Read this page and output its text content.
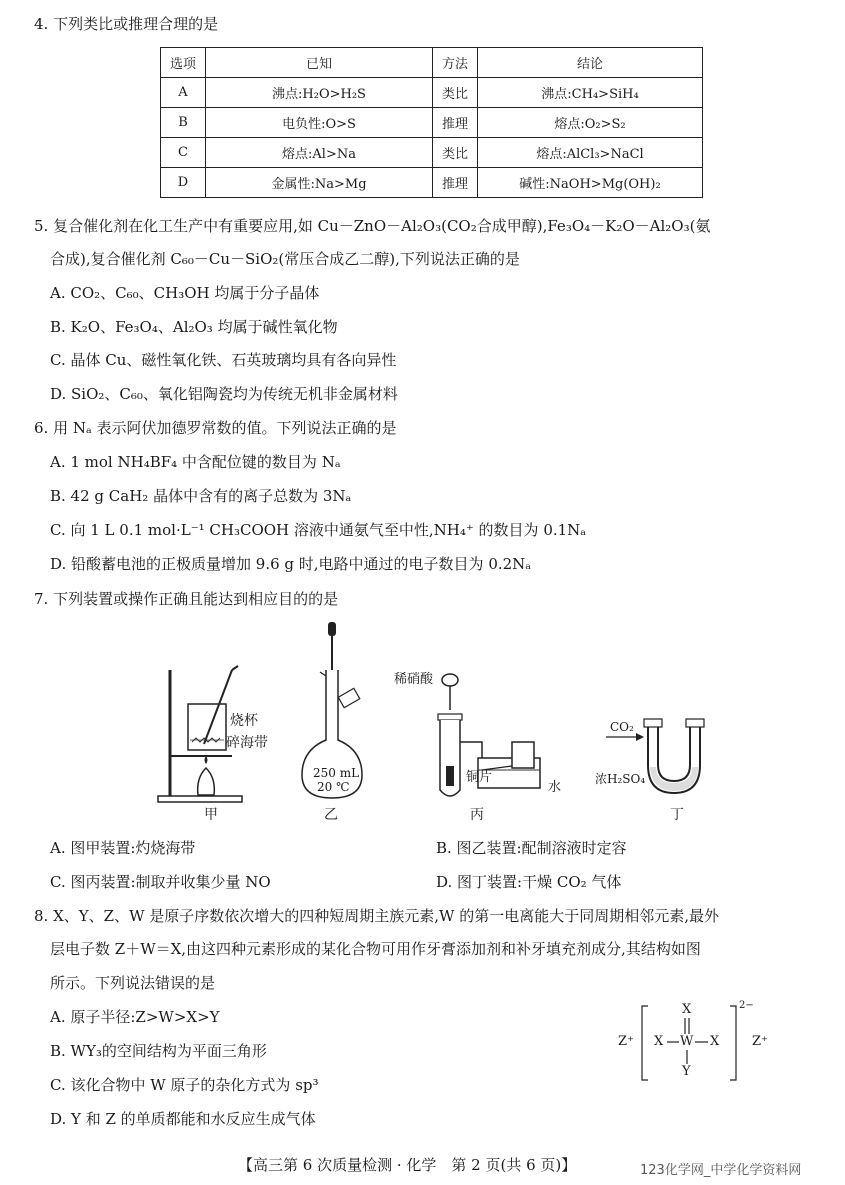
4. 下列类比或推理合理的是
选项	已知	方法	结论
A	沸点:H₂O>H₂S	类比	沸点:CH₄>SiH₄
B	电负性:O>S	推理	熔点:O₂>S₂
C	熔点:Al>Na	类比	熔点:AlCl₃>NaCl
D	金属性:Na>Mg	推理	碱性:NaOH>Mg(OH)₂
5. 复合催化剂在化工生产中有重要应用,如 Cu－ZnO－Al₂O₃(CO₂合成甲醇),Fe₃O₄－K₂O－Al₂O₃(氨
合成),复合催化剂 C₆₀－Cu－SiO₂(常压合成乙二醇),下列说法正确的是
A. CO₂、C₆₀、CH₃OH 均属于分子晶体
B. K₂O、Fe₃O₄、Al₂O₃ 均属于碱性氧化物
C. 晶体 Cu、磁性氧化铁、石英玻璃均具有各向异性
D. SiO₂、C₆₀、氧化铝陶瓷均为传统无机非金属材料
6. 用 Nₐ 表示阿伏加德罗常数的值。下列说法正确的是
A. 1 mol NH₄BF₄ 中含配位键的数目为 Nₐ
B. 42 g CaH₂ 晶体中含有的离子总数为 3Nₐ
C. 向 1 L 0.1 mol·L⁻¹ CH₃COOH 溶液中通氨气至中性,NH₄⁺ 的数目为 0.1Nₐ
D. 铅酸蓄电池的正极质量增加 9.6 g 时,电路中通过的电子数目为 0.2Nₐ
7. 下列装置或操作正确且能达到相应目的的是
烧杯
碎海带
甲
250 mL
20 ℃
乙
稀硝酸
铜片
水
丙
CO₂
浓H₂SO₄
丁
A. 图甲装置:灼烧海带	B. 图乙装置:配制溶液时定容
C. 图丙装置:制取并收集少量 NO	D. 图丁装置:干燥 CO₂ 气体
8. X、Y、Z、W 是原子序数依次增大的四种短周期主族元素,W 的第一电离能大于同周期相邻元素,最外
层电子数 Z＋W＝X,由这四种元素形成的某化合物可用作牙膏添加剂和补牙填充剂成分,其结构如图
所示。下列说法错误的是
A. 原子半径:Z>W>X>Y
B. WY₃的空间结构为平面三角形
C. 该化合物中 W 原子的杂化方式为 sp³
D. Y 和 Z 的单质都能和水反应生成气体
Z⁺
X
X W X
Y
2−
Z⁺
【高三第 6 次质量检测 · 化学　第 2 页(共 6 页)】	123化学网_中学化学资料网
